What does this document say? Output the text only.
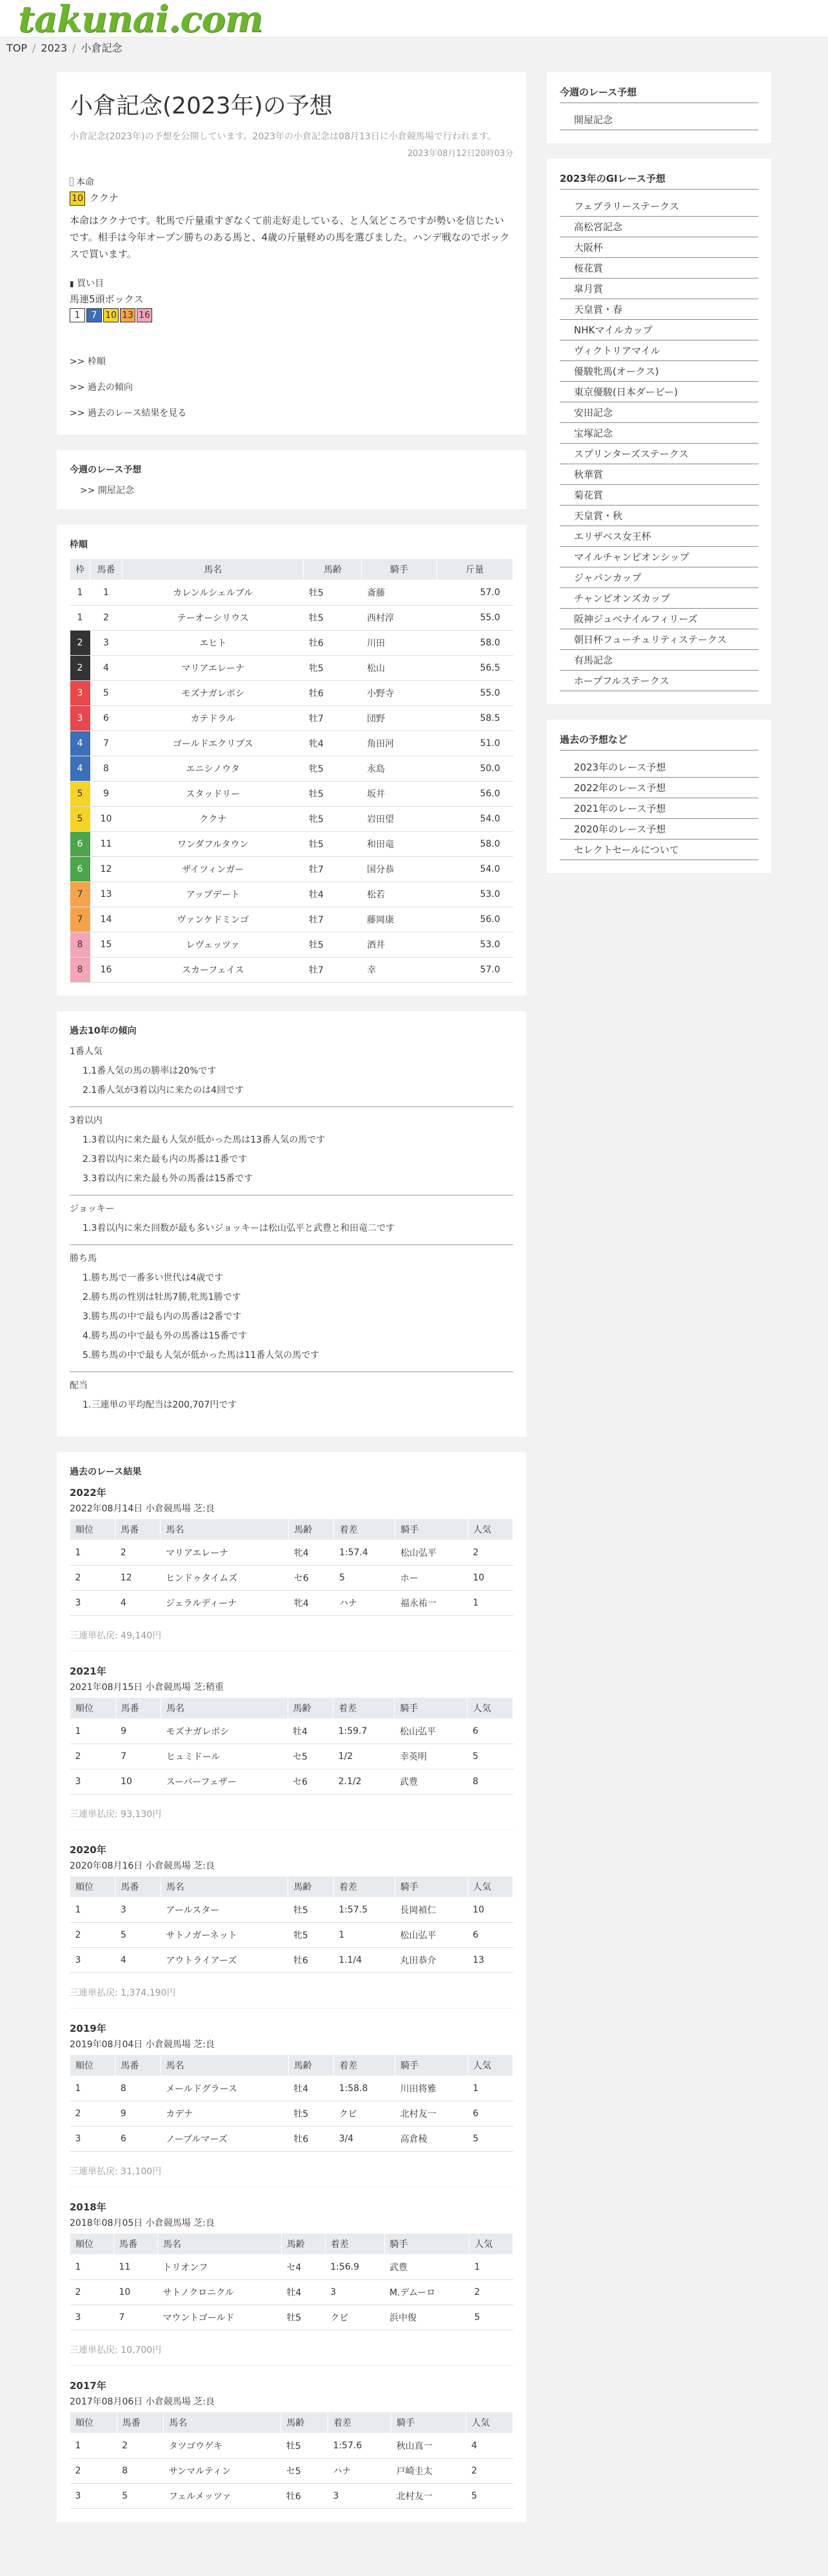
takunai.com
TOP / 2023 / 小倉記念
小倉記念(2023年)の予想
小倉記念(2023年)の予想を公開しています。2023年の小倉記念は08月13日に小倉競馬場で行われます。
2023年08月12日20時03分
本命
10 ククナ
本命はククナです。牝馬で斤量重すぎなくて前走好走している、と人気どころですが勢いを信じたいです。相手は今年オープン勝ちのある馬と、4歳の斤量軽めの馬を選びました。ハンデ戦なのでボックスで買います。
▮ 買い目
馬連5頭ボックス
1 7 10 13 16
>> 枠順
>> 過去の傾向
>> 過去のレース結果を見る
今週のレース予想
>> 開屋記念
枠順
枠	馬番	馬名	馬齢	騎手	斤量
1	1	カレンルシェルブル	牡5	斎藤	57.0
1	2	テーオーシリウス	牡5	西村淳	55.0
2	3	エヒト	牡6	川田	58.0
2	4	マリアエレーナ	牝5	松山	56.5
3	5	モズナガレボシ	牡6	小野寺	55.0
3	6	カテドラル	牡7	団野	58.5
4	7	ゴールドエクリプス	牝4	角田河	51.0
4	8	エニシノウタ	牝5	永島	50.0
5	9	スタッドリー	牡5	坂井	56.0
5	10	ククナ	牝5	岩田望	54.0
6	11	ワンダフルタウン	牡5	和田竜	58.0
6	12	ザイツィンガー	牡7	国分恭	54.0
7	13	アップデート	牡4	松若	53.0
7	14	ヴァンケドミンゴ	牡7	藤岡康	56.0
8	15	レヴェッツァ	牡5	酒井	53.0
8	16	スカーフェイス	牡7	幸	57.0
過去10年の傾向
1番人気
1.1番人気の馬の勝率は20%です
2.1番人気が3着以内に来たのは4回です
3着以内
1.3着以内に来た最も人気が低かった馬は13番人気の馬です
2.3着以内に来た最も内の馬番は1番です
3.3着以内に来た最も外の馬番は15番です
ジョッキー
1.3着以内に来た回数が最も多いジョッキーは松山弘平と武豊と和田竜二です
勝ち馬
1.勝ち馬で一番多い世代は4歳です
2.勝ち馬の性別は牡馬7勝,牝馬1勝です
3.勝ち馬の中で最も内の馬番は2番です
4.勝ち馬の中で最も外の馬番は15番です
5.勝ち馬の中で最も人気が低かった馬は11番人気の馬です
配当
1.三連単の平均配当は200,707円です
過去のレース結果
2022年
2022年08月14日 小倉競馬場 芝:良
順位	馬番	馬名	馬齢	着差	騎手	人気
1	2	マリアエレーナ	牝4	1:57.4	松山弘平	2
2	12	ヒンドゥタイムズ	セ6	5	ホー	10
3	4	ジェラルディーナ	牝4	ハナ	福永祐一	1
三連単払戻: 49,140円
2021年
2021年08月15日 小倉競馬場 芝:稍重
順位	馬番	馬名	馬齢	着差	騎手	人気
1	9	モズナガレボシ	牡4	1:59.7	松山弘平	6
2	7	ヒュミドール	セ5	1/2	幸英明	5
3	10	スーパーフェザー	セ6	2.1/2	武豊	8
三連単払戻: 93,130円
2020年
2020年08月16日 小倉競馬場 芝:良
順位	馬番	馬名	馬齢	着差	騎手	人気
1	3	アールスター	牡5	1:57.5	長岡禎仁	10
2	5	サトノガーネット	牝5	1	松山弘平	6
3	4	アウトライアーズ	牡6	1.1/4	丸田恭介	13
三連単払戻: 1,374,190円
2019年
2019年08月04日 小倉競馬場 芝:良
順位	馬番	馬名	馬齢	着差	騎手	人気
1	8	メールドグラース	牡4	1:58.8	川田将雅	1
2	9	カデナ	牡5	クビ	北村友一	6
3	6	ノーブルマーズ	牡6	3/4	高倉稜	5
三連単払戻: 31,100円
2018年
2018年08月05日 小倉競馬場 芝:良
順位	馬番	馬名	馬齢	着差	騎手	人気
1	11	トリオンフ	セ4	1:56.9	武豊	1
2	10	サトノクロニクル	牡4	3	M.デムーロ	2
3	7	マウントゴールド	牡5	クビ	浜中俊	5
三連単払戻: 10,700円
2017年
2017年08月06日 小倉競馬場 芝:良
順位	馬番	馬名	馬齢	着差	騎手	人気
1	2	タツゴウゲキ	牡5	1:57.6	秋山真一	4
2	8	サンマルティン	セ5	ハナ	戸崎圭太	2
3	5	フェルメッツァ	牡6	3	北村友一	5
今週のレース予想
開屋記念
2023年のGⅠレース予想
フェブラリーステークス
高松宮記念
大阪杯
桜花賞
皐月賞
天皇賞・春
NHKマイルカップ
ヴィクトリアマイル
優駿牝馬(オークス)
東京優駿(日本ダービー)
安田記念
宝塚記念
スプリンターズステークス
秋華賞
菊花賞
天皇賞・秋
エリザベス女王杯
マイルチャンピオンシップ
ジャパンカップ
チャンピオンズカップ
阪神ジュベナイルフィリーズ
朝日杯フューチュリティステークス
有馬記念
ホープフルステークス
過去の予想など
2023年のレース予想
2022年のレース予想
2021年のレース予想
2020年のレース予想
セレクトセールについて
